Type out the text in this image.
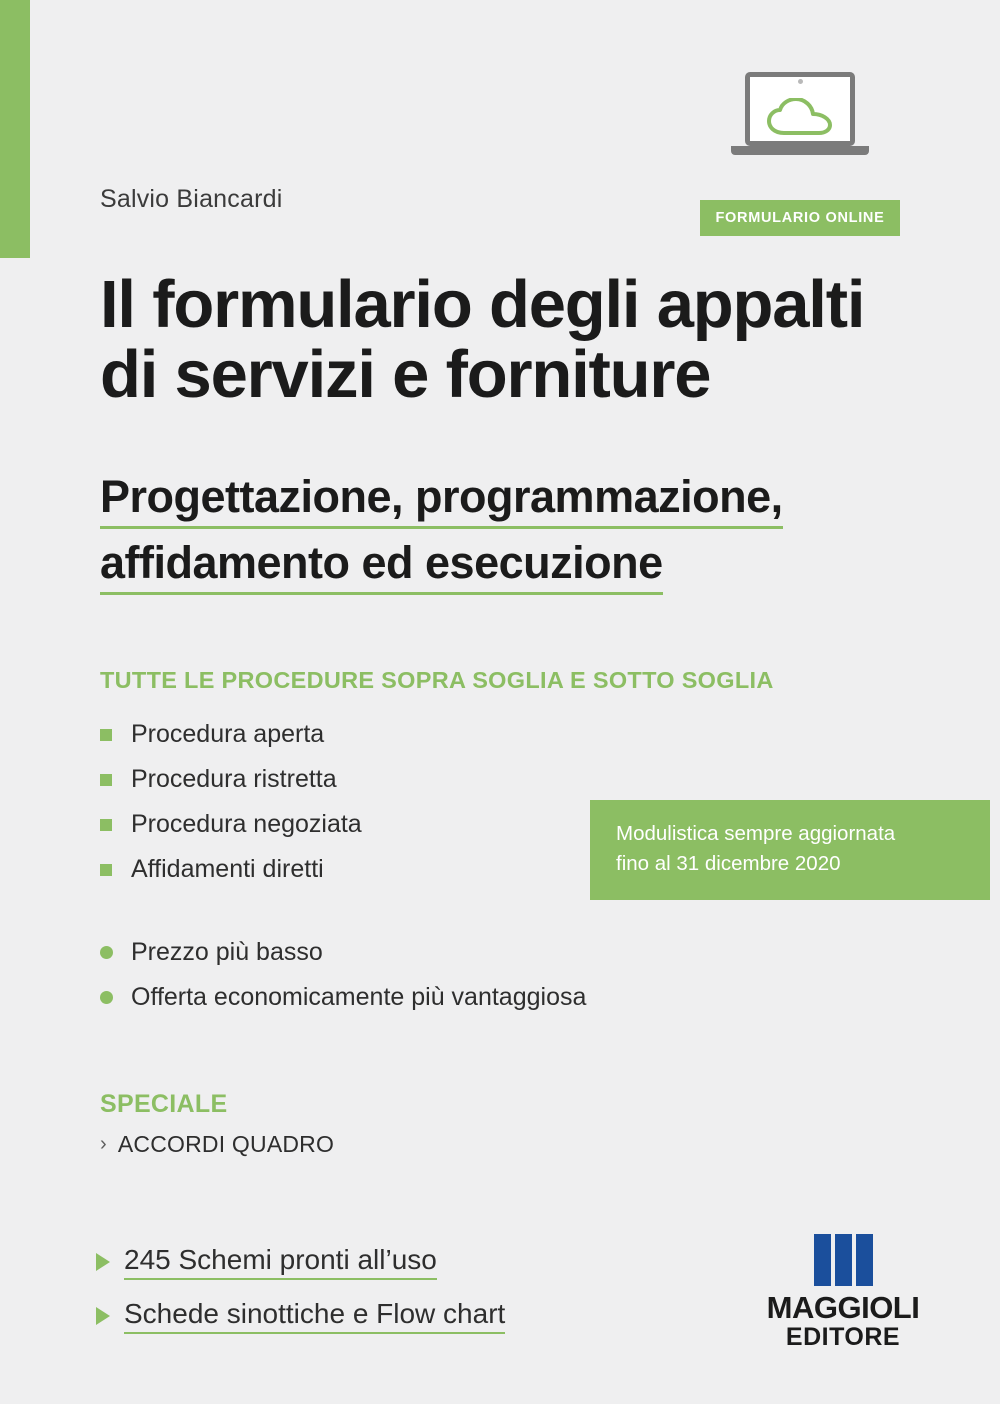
Salvio Biancardi
FORMULARIO ONLINE
Il formulario degli appalti
di servizi e forniture
Progettazione, programmazione,
affidamento ed esecuzione
TUTTE LE PROCEDURE SOPRA SOGLIA E SOTTO SOGLIA
Procedura aperta
Procedura ristretta
Procedura negoziata
Affidamenti diretti
Modulistica sempre aggiornata
fino al 31 dicembre 2020
Prezzo più basso
Offerta economicamente più vantaggiosa
SPECIALE
› ACCORDI QUADRO
245 Schemi pronti all’uso
Schede sinottiche e Flow chart	MAGGIOLI
EDITORE
